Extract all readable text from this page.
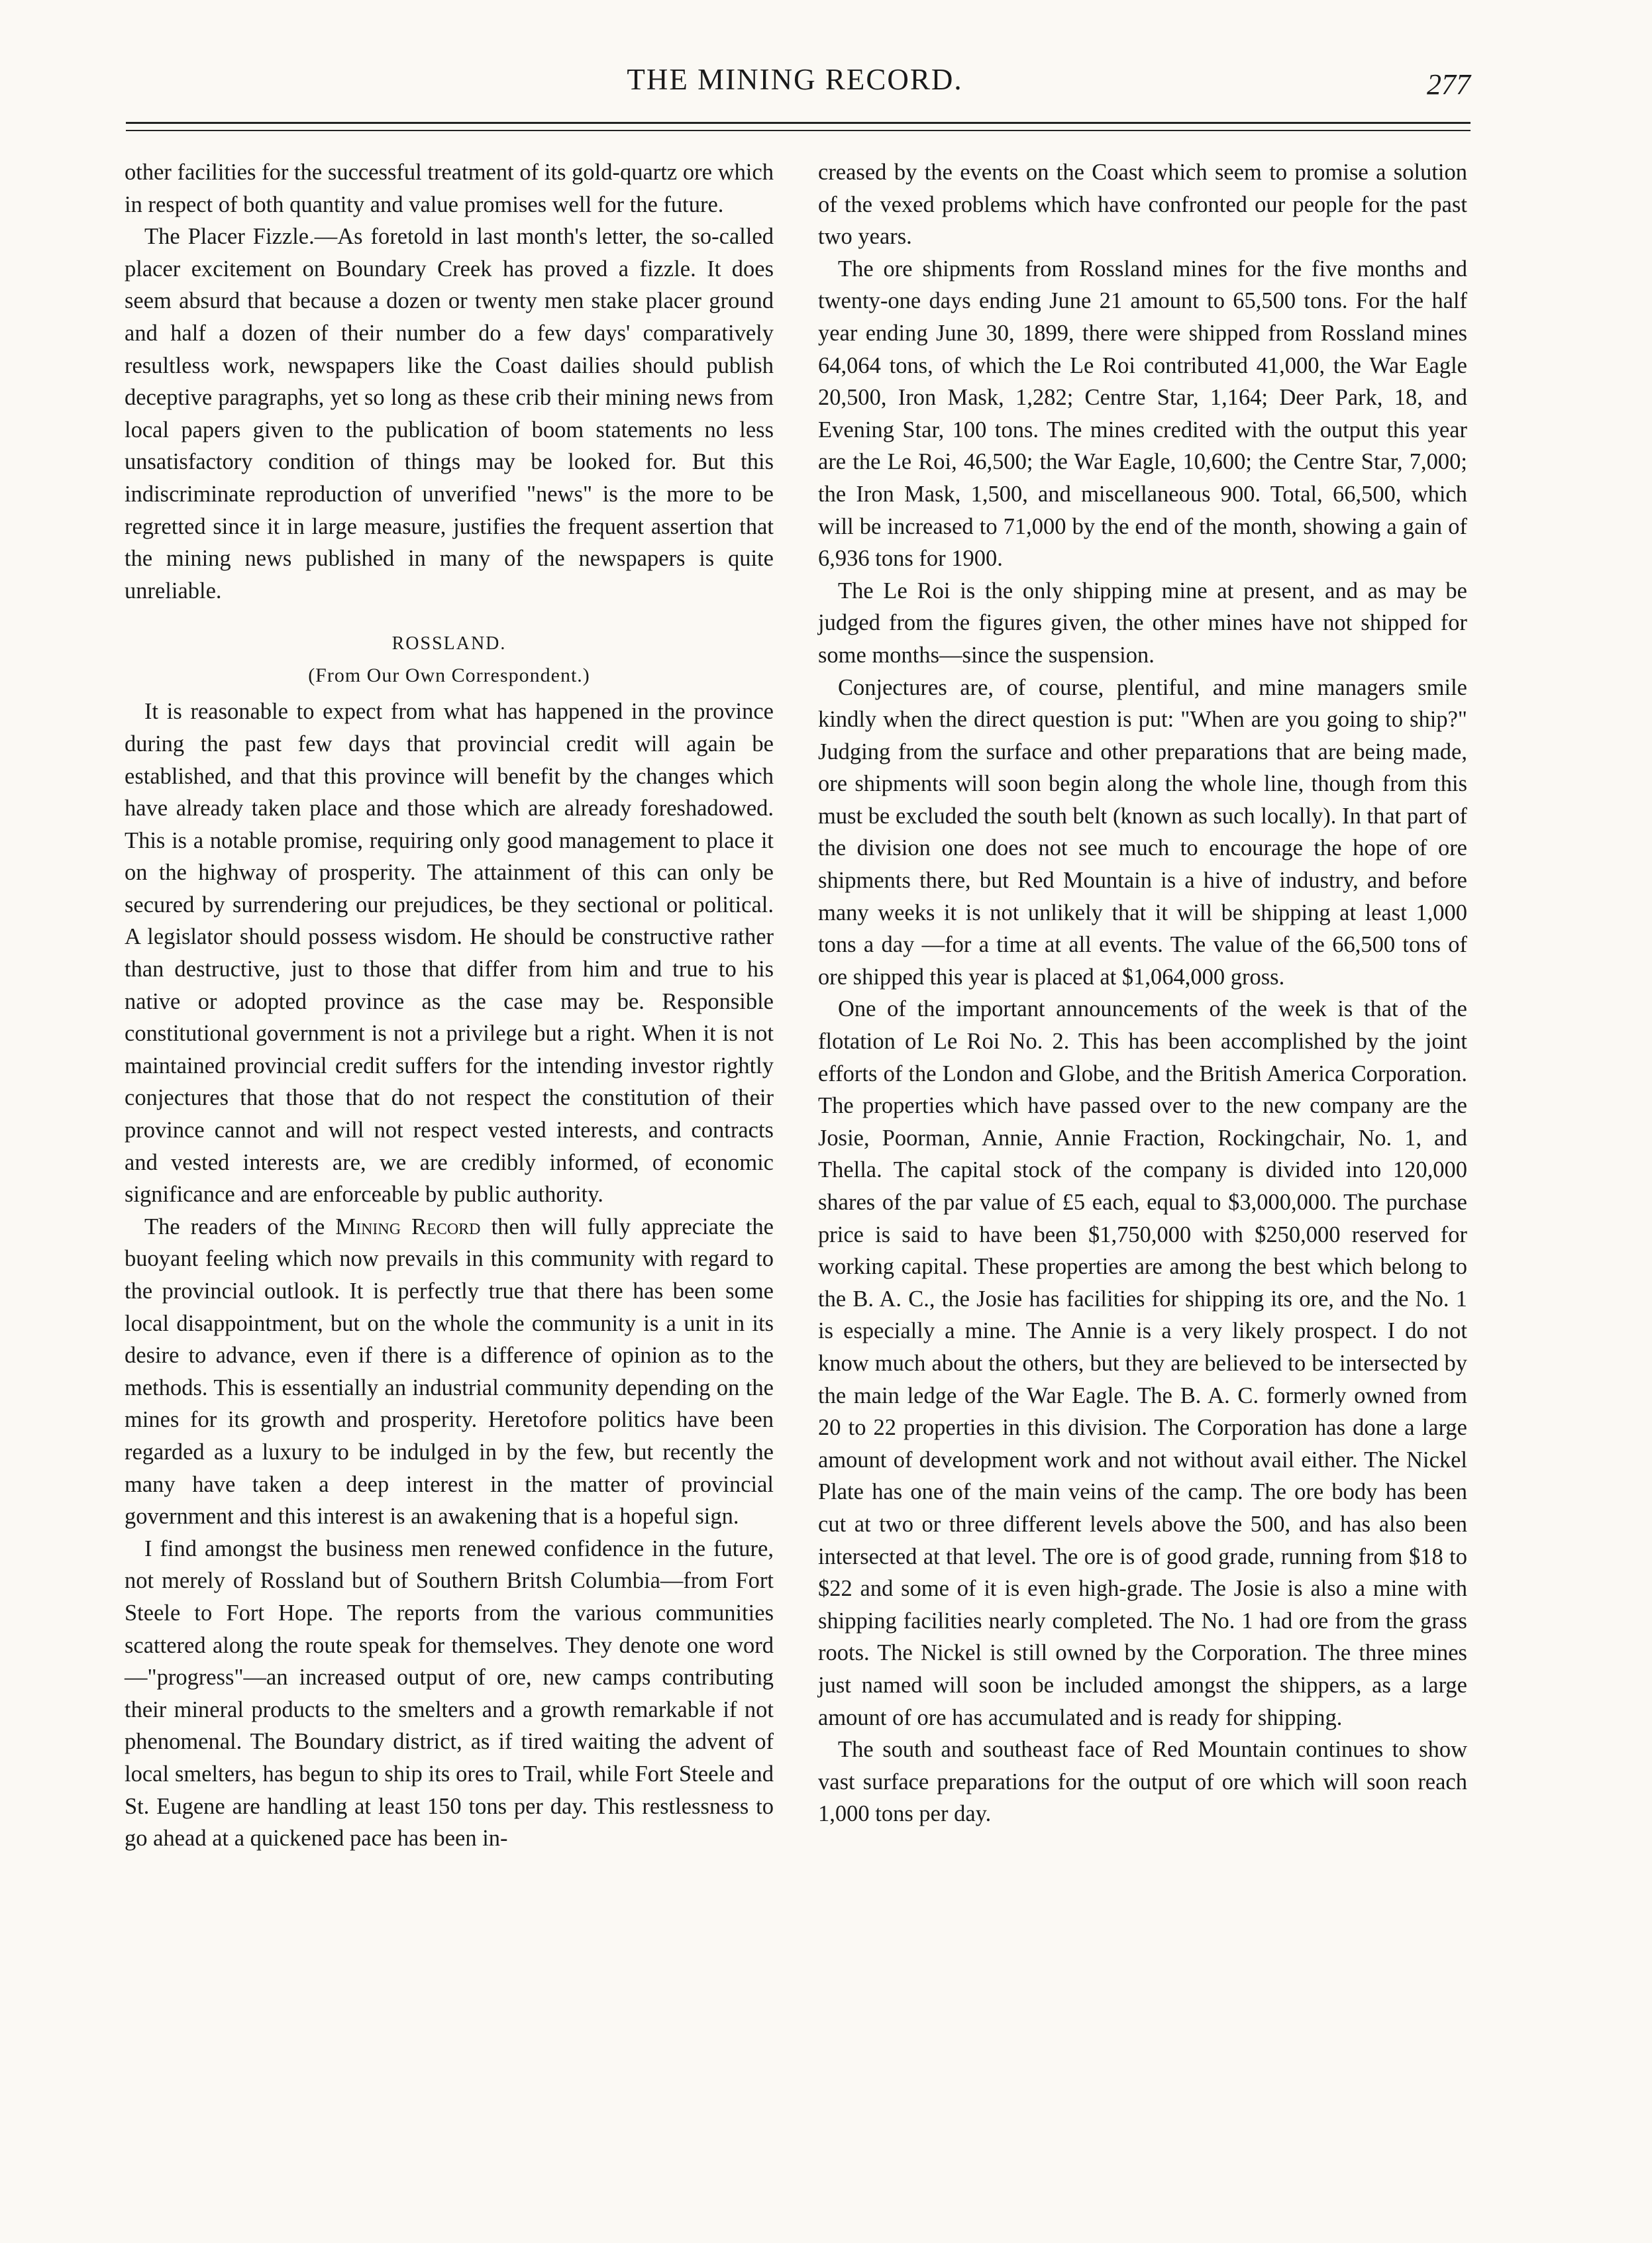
THE MINING RECORD.	277

other facilities for the successful treatment of its gold-quartz ore which in respect of both quantity and value promises well for the future.

The Placer Fizzle.—As foretold in last month's letter, the so-called placer excitement on Boundary Creek has proved a fizzle. It does seem absurd that because a dozen or twenty men stake placer ground and half a dozen of their number do a few days' comparatively resultless work, newspapers like the Coast dailies should publish deceptive paragraphs, yet so long as these crib their mining news from local papers given to the publication of boom statements no less unsatisfactory condition of things may be looked for. But this indiscriminate reproduction of unverified "news" is the more to be regretted since it in large measure, justifies the frequent assertion that the mining news published in many of the newspapers is quite unreliable.

ROSSLAND.
(From Our Own Correspondent.)

It is reasonable to expect from what has happened in the province during the past few days that provincial credit will again be established, and that this province will benefit by the changes which have already taken place and those which are already foreshadowed. This is a notable promise, requiring only good management to place it on the highway of prosperity. The attainment of this can only be secured by surrendering our prejudices, be they sectional or political. A legislator should possess wisdom. He should be constructive rather than destructive, just to those that differ from him and true to his native or adopted province as the case may be. Responsible constitutional government is not a privilege but a right. When it is not maintained provincial credit suffers for the intending investor rightly conjectures that those that do not respect the constitution of their province cannot and will not respect vested interests, and contracts and vested interests are, we are credibly informed, of economic significance and are enforceable by public authority.

The readers of the Mining Record then will fully appreciate the buoyant feeling which now prevails in this community with regard to the provincial outlook. It is perfectly true that there has been some local disappointment, but on the whole the community is a unit in its desire to advance, even if there is a difference of opinion as to the methods. This is essentially an industrial community depending on the mines for its growth and prosperity. Heretofore politics have been regarded as a luxury to be indulged in by the few, but recently the many have taken a deep interest in the matter of provincial government and this interest is an awakening that is a hopeful sign.

I find amongst the business men renewed confidence in the future, not merely of Rossland but of Southern Britsh Columbia—from Fort Steele to Fort Hope. The reports from the various communities scattered along the route speak for themselves. They denote one word—"progress"—an increased output of ore, new camps contributing their mineral products to the smelters and a growth remarkable if not phenomenal. The Boundary district, as if tired waiting the advent of local smelters, has begun to ship its ores to Trail, while Fort Steele and St. Eugene are handling at least 150 tons per day. This restlessness to go ahead at a quickened pace has been in-

creased by the events on the Coast which seem to promise a solution of the vexed problems which have confronted our people for the past two years.

The ore shipments from Rossland mines for the five months and twenty-one days ending June 21 amount to 65,500 tons. For the half year ending June 30, 1899, there were shipped from Rossland mines 64,064 tons, of which the Le Roi contributed 41,000, the War Eagle 20,500, Iron Mask, 1,282; Centre Star, 1,164; Deer Park, 18, and Evening Star, 100 tons. The mines credited with the output this year are the Le Roi, 46,500; the War Eagle, 10,600; the Centre Star, 7,000; the Iron Mask, 1,500, and miscellaneous 900. Total, 66,500, which will be increased to 71,000 by the end of the month, showing a gain of 6,936 tons for 1900.

The Le Roi is the only shipping mine at present, and as may be judged from the figures given, the other mines have not shipped for some months—since the suspension.

Conjectures are, of course, plentiful, and mine managers smile kindly when the direct question is put: "When are you going to ship?" Judging from the surface and other preparations that are being made, ore shipments will soon begin along the whole line, though from this must be excluded the south belt (known as such locally). In that part of the division one does not see much to encourage the hope of ore shipments there, but Red Mountain is a hive of industry, and before many weeks it is not unlikely that it will be shipping at least 1,000 tons a day —for a time at all events. The value of the 66,500 tons of ore shipped this year is placed at $1,064,000 gross.

One of the important announcements of the week is that of the flotation of Le Roi No. 2. This has been accomplished by the joint efforts of the London and Globe, and the British America Corporation. The properties which have passed over to the new company are the Josie, Poorman, Annie, Annie Fraction, Rockingchair, No. 1, and Thella. The capital stock of the company is divided into 120,000 shares of the par value of £5 each, equal to $3,000,000. The purchase price is said to have been $1,750,000 with $250,000 reserved for working capital. These properties are among the best which belong to the B. A. C., the Josie has facilities for shipping its ore, and the No. 1 is especially a mine. The Annie is a very likely prospect. I do not know much about the others, but they are believed to be intersected by the main ledge of the War Eagle. The B. A. C. formerly owned from 20 to 22 properties in this division. The Corporation has done a large amount of development work and not without avail either. The Nickel Plate has one of the main veins of the camp. The ore body has been cut at two or three different levels above the 500, and has also been intersected at that level. The ore is of good grade, running from $18 to $22 and some of it is even high-grade. The Josie is also a mine with shipping facilities nearly completed. The No. 1 had ore from the grass roots. The Nickel is still owned by the Corporation. The three mines just named will soon be included amongst the shippers, as a large amount of ore has accumulated and is ready for shipping.

The south and southeast face of Red Mountain continues to show vast surface preparations for the output of ore which will soon reach 1,000 tons per day.
